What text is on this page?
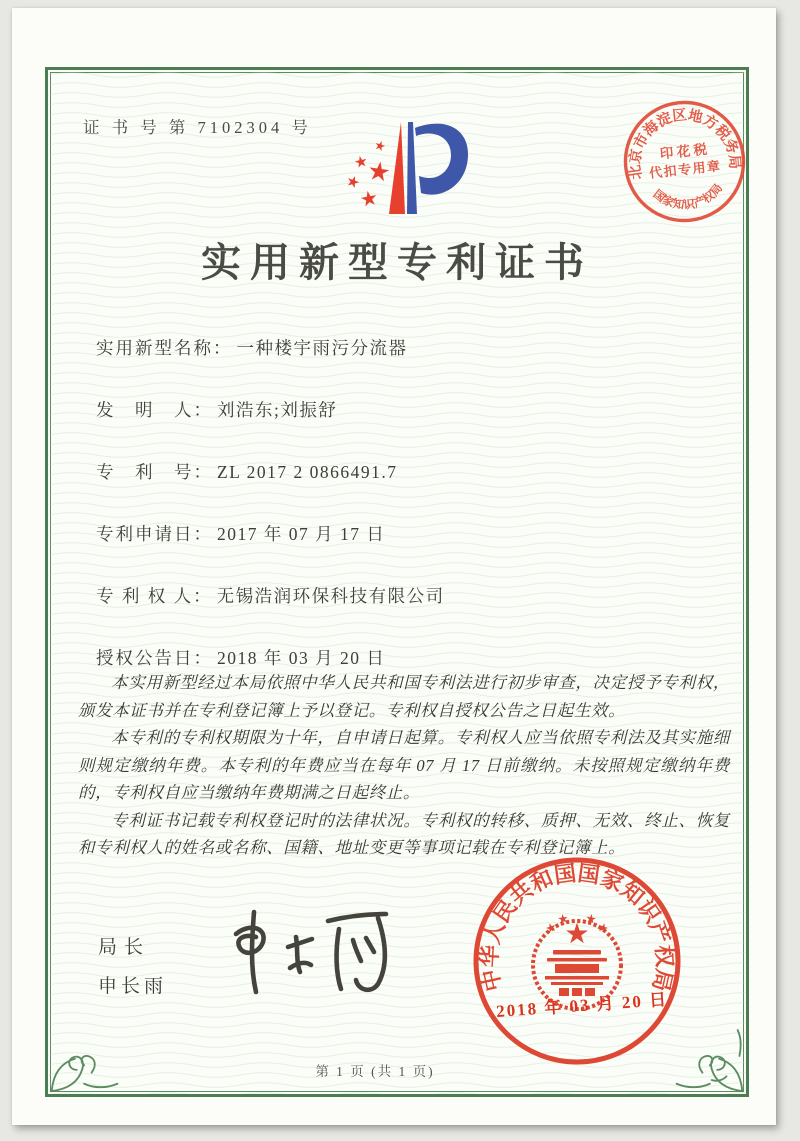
证 书 号 第 7102304 号
实用新型专利证书
实用新型名称： 一种楼宇雨污分流器
发　明　人： 刘浩东;刘振舒
专　利　号： ZL 2017 2 0866491.7
专利申请日： 2017 年 07 月 17 日
专 利 权 人： 无锡浩润环保科技有限公司
授权公告日： 2018 年 03 月 20 日

本实用新型经过本局依照中华人民共和国专利法进行初步审查，决定授予专利权，颁发本证书并在专利登记簿上予以登记。专利权自授权公告之日起生效。

本专利的专利权期限为十年，自申请日起算。专利权人应当依照专利法及其实施细则规定缴纳年费。本专利的年费应当在每年 07 月 17 日前缴纳。未按照规定缴纳年费的，专利权自应当缴纳年费期满之日起终止。

专利证书记载专利权登记时的法律状况。专利权的转移、质押、无效、终止、恢复和专利权人的姓名或名称、国籍、地址变更等事项记载在专利登记簿上。

局长
申长雨	中华人民共和国国家知识产权局
2018 年 03 月 20 日
北京市海淀区地方税务局
国家知识产权局
印 花 税
代扣专用章
第 1 页 (共 1 页)
